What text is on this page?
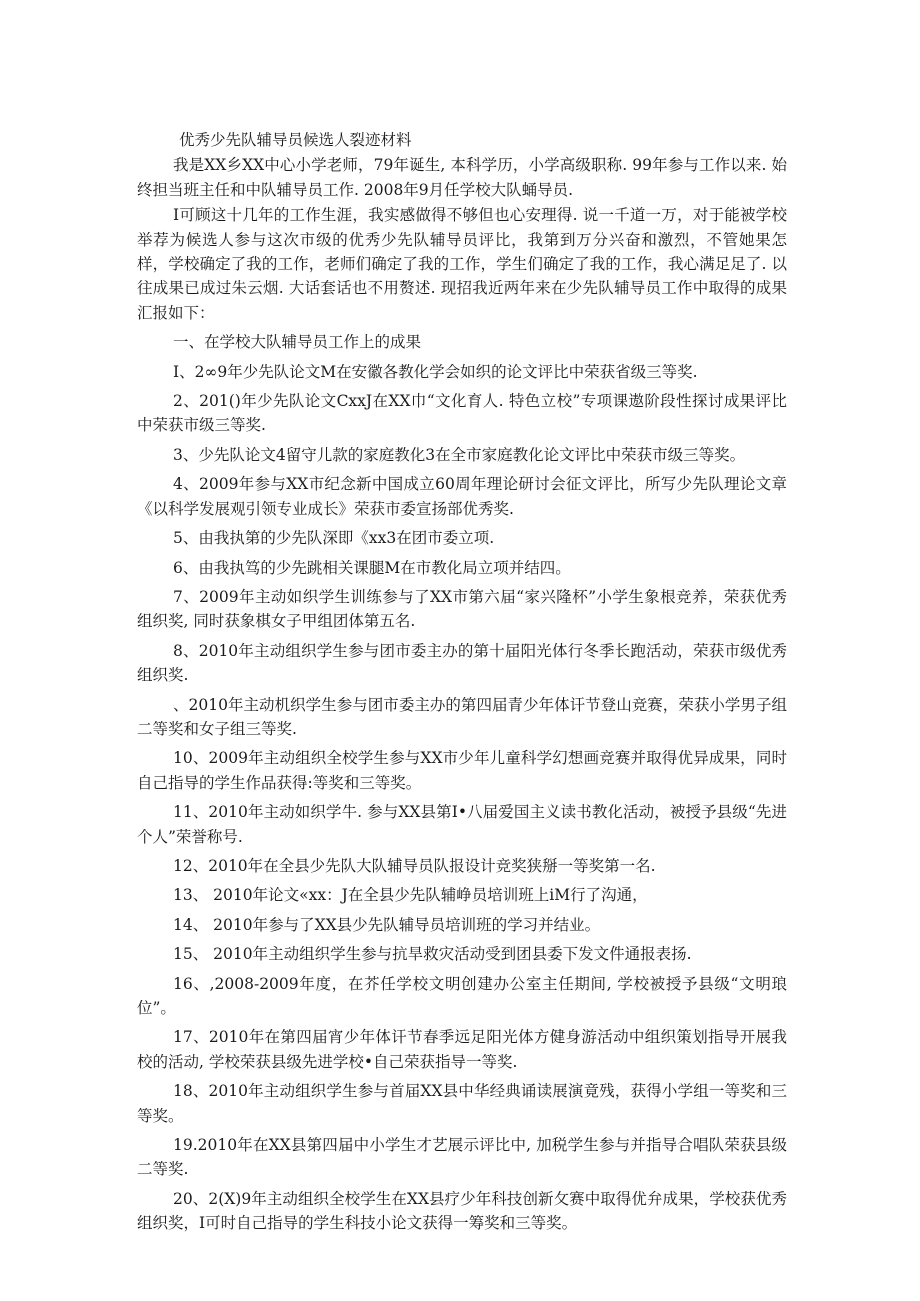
优秀少先队辅导员候选人裂迹材料
我是XX乡XX中心小学老师，79年诞生, 本科学历，小学高级职称. 99年参与工作以来. 始终担当班主任和中队辅导员工作. 2008年9月任学校大队蛹导员.
I可顾这十几年的工作生涯，我实感做得不够但也心安理得. 说一千道一万，对于能被学校举荐为候选人参与这次市级的优秀少先队辅导员评比，我第到万分兴奋和激烈，不管她果怎样，学校确定了我的工作，老师们确定了我的工作，学生们确定了我的工作，我心满足足了. 以往成果已成过朱云烟. 大话套话也不用赘述. 现招我近两年来在少先队辅导员工作中取得的成果汇报如下：
一、在学校大队辅导员工作上的成果
I、2∞9年少先队论文M在安徽各教化学会如织的论文评比中荣获省级三等奖.
2、201()年少先队论文CxxJ在XX巾“文化育人. 特色立校”专项课遨阶段性探讨成果评比中荣获市级三等奖.
3、少先队论文4留守儿款的家庭教化3在全市家庭教化论文评比中荣获市级三等奖。
4、2009年参与XX市纪念新中国成立60周年理论研讨会征文评比，所写少先队理论文章《以科学发展观引领专业成长》荣获市委宣扬部优秀奖.
5、由我执第的少先队深即《xx3在团市委立项.
6、由我执笃的少先跳相关课腿M在市教化局立项并结四。
7、2009年主动如织学生训练参与了XX市第六届“家兴隆杯”小学生象根竞养，荣获优秀组织奖, 同时获象棋女子甲组团体第五名.
8、2010年主动组织学生参与团市委主办的第十届阳光体行冬季长跑活动，荣获市级优秀组织奖.
、2010年主动机织学生参与团市委主办的第四届青少年体讦节登山竞赛，荣获小学男子组二等奖和女子组三等奖.
10、2009年主动组织全校学生参与XX市少年儿童科学幻想画竞赛并取得优异成果，同时自己指导的学生作品获得:等奖和三等奖。
11、2010年主动如织学牛. 参与XX县第I•八届爱国主义读书教化活动，被授予县级“先进个人”荣誉称号.
12、2010年在全县少先队大队辅导员队报设计竞奖狭掰一等奖第一名.
13、 2010年论文«xx：J在全县少先队辅峥员培训班上iM行了沟通，
14、 2010年参与了XX县少先队辅导员培训班的学习并结业。
15、 2010年主动组织学生参与抗旱救灾活动受到团县委下发文件通报表扬.
16、,2008-2009年度，在芥任学校文明创建办公室主任期间, 学校被授予县级“文明琅位”。
17、2010年在第四届宵少年体讦节春季远足阳光体方健身游活动中组织策划指导开展我校的活动, 学校荣获县级先进学校•自己荣获指导一等奖.
18、2010年主动组织学生参与首届XX县中华经典诵读展演竟残，获得小学组一等奖和三等奖。
19.2010年在XX县第四届中小学生才艺展示评比中, 加税学生参与并指导合唱队荣获县级二等奖.
20、2(X)9年主动组织全校学生在XX县疗少年科技创新攵赛中取得优弁成果，学校获优秀组织奖，I可时自己指导的学生科技小论文获得一筹奖和三等奖。
